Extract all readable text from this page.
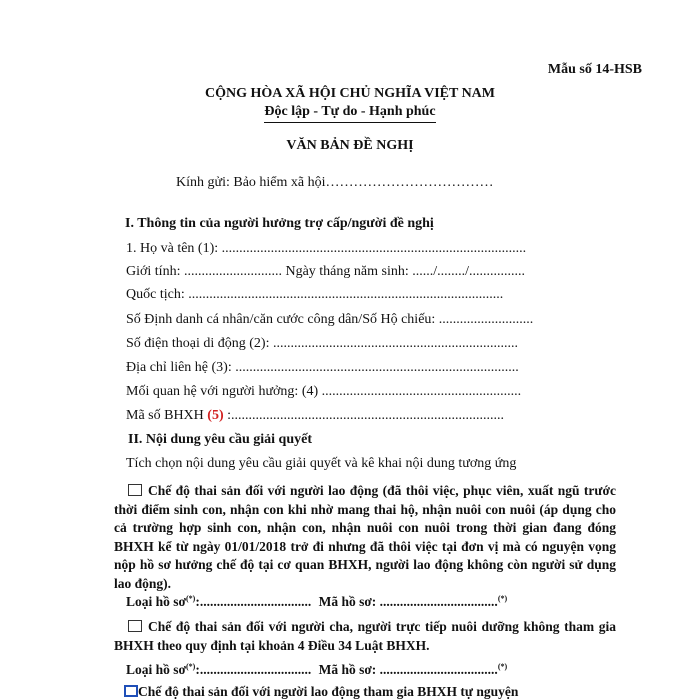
Mẫu số 14-HSB
CỘNG HÒA XÃ HỘI CHỦ NGHĨA VIỆT NAM
Độc lập - Tự do - Hạnh phúc
VĂN BẢN ĐỀ NGHỊ
Kính gửi: Bảo hiểm xã hội………………………………
I. Thông tin của người hưởng trợ cấp/người đề nghị
1. Họ và tên (1): .......................................................................................
Giới tính: ............................ Ngày tháng năm sinh: ....../......../................
Quốc tịch: ..........................................................................................
Số Định danh cá nhân/căn cước công dân/Số Hộ chiếu: ...........................
Số điện thoại di động (2): ......................................................................
Địa chỉ liên hệ (3): .................................................................................
Mối quan hệ với người hưởng: (4) .........................................................
Mã số BHXH (5) :..............................................................................
II. Nội dung yêu cầu giải quyết
Tích chọn nội dung yêu cầu giải quyết và kê khai nội dung tương ứng
Chế độ thai sản đối với người lao động (đã thôi việc, phục viên, xuất ngũ trước thời điểm sinh con, nhận con khi nhờ mang thai hộ, nhận nuôi con nuôi (áp dụng cho cả trường hợp sinh con, nhận con, nhận nuôi con nuôi trong thời gian đang đóng BHXH kể từ ngày 01/01/2018 trở đi nhưng đã thôi việc tại đơn vị mà có nguyện vọng nộp hồ sơ hưởng chế độ tại cơ quan BHXH, người lao động không còn người sử dụng lao động).
Loại hồ sơ(*):................................. Mã hồ sơ: ...................................(*)
Chế độ thai sản đối với người cha, người trực tiếp nuôi dưỡng không tham gia BHXH theo quy định tại khoản 4 Điều 34 Luật BHXH.
Loại hồ sơ(*):................................. Mã hồ sơ: ...................................(*)
Chế độ thai sản đối với người lao động tham gia BHXH tự nguyện
